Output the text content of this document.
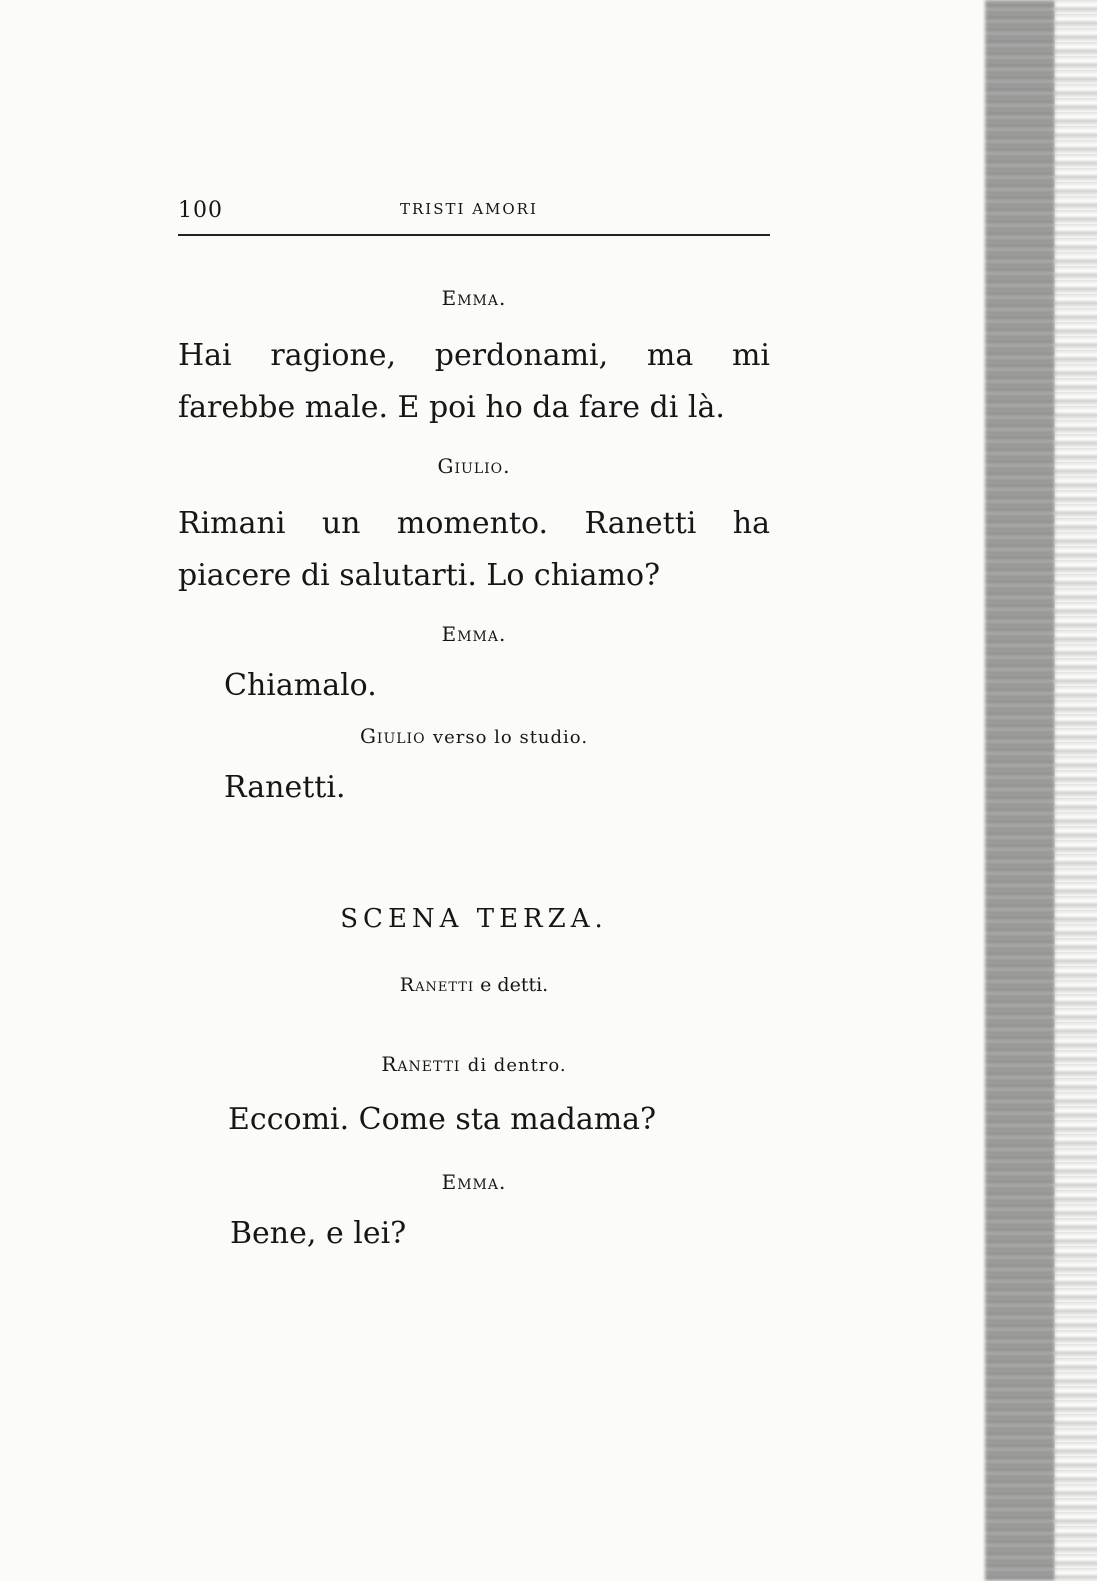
100	TRISTI AMORI
Emma.
Hai ragione, perdonami, ma mi
farebbe male. E poi ho da fare di là.
Giulio.
Rimani un momento. Ranetti ha
piacere di salutarti. Lo chiamo?
Emma.
Chiamalo.
Giulio verso lo studio.
Ranetti.
SCENA TERZA.
Ranetti e detti.
Ranetti di dentro.
Eccomi. Come sta madama?
Emma.
Bene, e lei?
